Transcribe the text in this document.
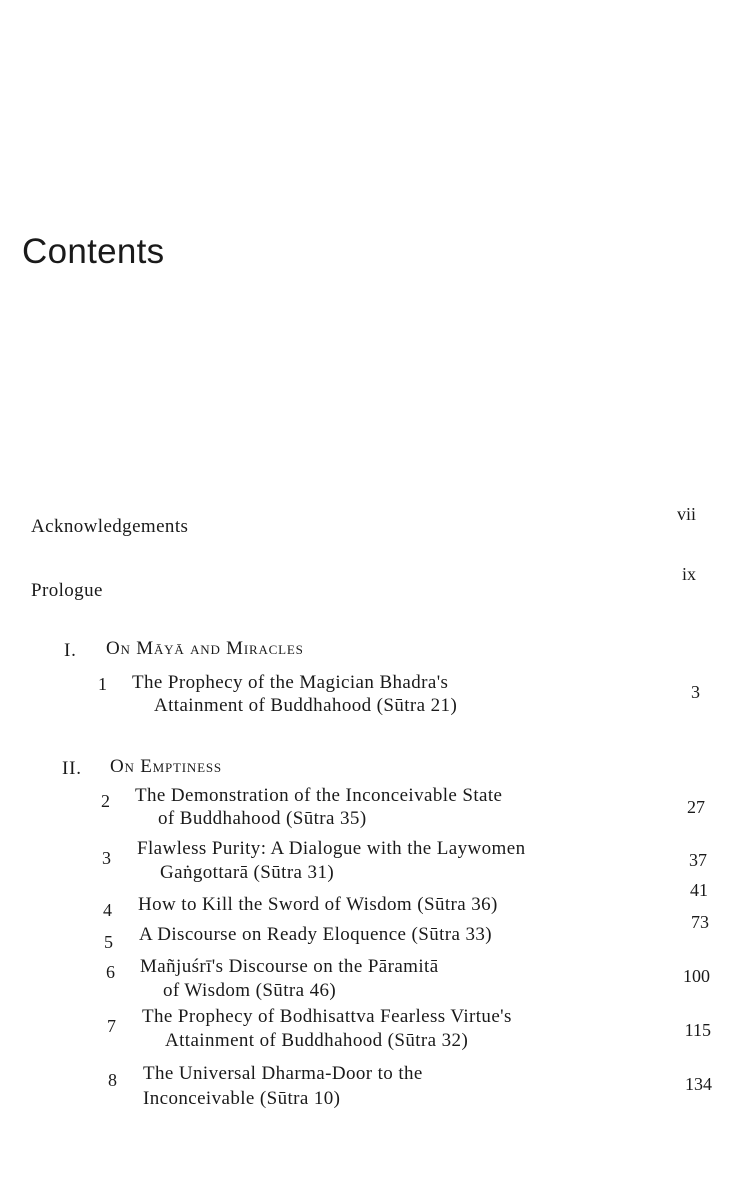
Contents
Acknowledgements
vii
Prologue
ix
I. On Māyā and Miracles
1 The Prophecy of the Magician Bhadra's
Attainment of Buddhahood (Sūtra 21)
3
II. On Emptiness
2 The Demonstration of the Inconceivable State
of Buddhahood (Sūtra 35)
27
3 Flawless Purity: A Dialogue with the Laywomen
Gaṅgottarā (Sūtra 31)
37
4 How to Kill the Sword of Wisdom (Sūtra 36)
41
5 A Discourse on Ready Eloquence (Sūtra 33)
73
6 Mañjuśrī's Discourse on the Pāramitā
of Wisdom (Sūtra 46)
100
7 The Prophecy of Bodhisattva Fearless Virtue's
Attainment of Buddhahood (Sūtra 32)	115
8 The Universal Dharma-Door to the
Inconceivable (Sūtra 10)
134
